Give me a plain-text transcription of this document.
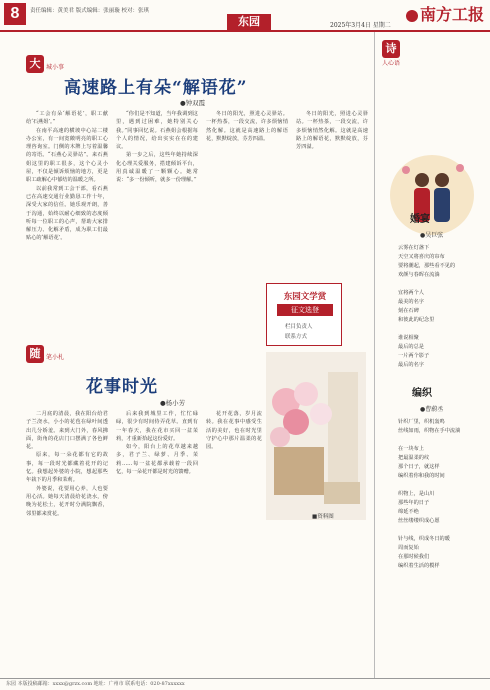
8	责任编辑：黄美君 版式编辑：张丽璇 校对：张琪
东园	2025年3月4日 星期二
南方工报
大 城小事
高速路上有朵“解语花”
●钟双霞

“工会有朵‘解语花’，职工献给‘石燕姐’。”

在南平高速的横坡中心站二楼办公室，有一间宽敞明亮的职工心理咨询室。门侧的木牌上写着温馨的寄语。“石燕心灵驿站”。来石燕姐这里的职工很多，这个心灵小屋，不仅是倾诉烦恼的地方，更是职工疏解心中郁结的温暖之所。

以前我常到工会干部，看石燕已在高速交通行业勤恳工作十年，深受大家的信任。她乐观开朗，善于沟通，始终以耐心细致的态度倾听每一位职工的心声，帮助大家排解压力、化解矛盾，成为职工们最贴心的‘解语花’。

“你们是不知道，当年我调到这里，遇到过困难，她特别关心我。”同事回忆说。石燕姐会根据每个人的情况，给出实实在在的建议。

第一步之后，这些年她持续深化心理关爱服务，搭建倾诉平台，用真诚温暖了一颗颗心。她常说：“多一份倾听，就多一份理解。”

冬日的阳光，照进心灵驿站。一杯热茶，一段交流，许多烦恼悄然化解。这就是高速路上的解语花，默默绽放，芬芳四溢。

冬日的阳光，照进心灵驿站。一杯热茶，一段交流，许多烦恼悄然化解。这就是高速路上的解语花，默默绽放，芬芳四溢。

东园文学赏
征文选登
栏目负责人
联系方式
诗
人心语
婚宴
●吴巨弦
云雾在灯盏下
天空又将喜庆的帘布
要将潮起，那些看不见的
欢颜与春晖在流淌
宜将两个人
最美的名字
刻在石碑
和彼此的纪念里
谁说相聚
最后的总是
一片两个影子
最后的名字
编织
●曹蔚丞
针织厂里，织机轰鸣
丝线如雨，织物在手中流淌
在一块布上
把最温柔的纹
那个日子，就这样
编织着你和我的时间
织物上，是山川
那些年的日子
绵延不绝
丝丝缕缕织成心愿
针与线，织成冬日的暖
周而复始
在那时候我们
编织着生活的模样
随 笔小札
花事时光
●杨小芳

二月底的清晨，我在阳台给君子兰浇水，小小的花苞在绿叶间透出几分娇羞。来到大门外，春风拂面，街角的花店门口摆满了各色鲜花。

原来，每一朵花都有它的故事，每一段时光都藏着花开的记忆。我想起外婆的小院，想起那些年栽下的月季和茉莉。

外婆说，花要用心养，人也要用心活。她每天清晨给花浇水，傍晚为花松土，花开时分满院飘香，邻里都来赏花。

后来我到城里工作，忙忙碌碌，很少有时间侍弄花草。直到有一年春天，我在花市买回一盆茉莉，才重新拾起这份爱好。

如今，阳台上的花草越来越多，君子兰、绿萝、月季、茉莉……每一盆花都承载着一段回忆，每一朵花开都是时光的馈赠。

花开花落，岁月流转。我在花事中感受生活的美好，也在时光里守护心中那片温柔的花园。

■资料图
东园 本版投稿邮箱：xxxx@grzx.com 地址：广州市 联系电话：020-87xxxxxx
